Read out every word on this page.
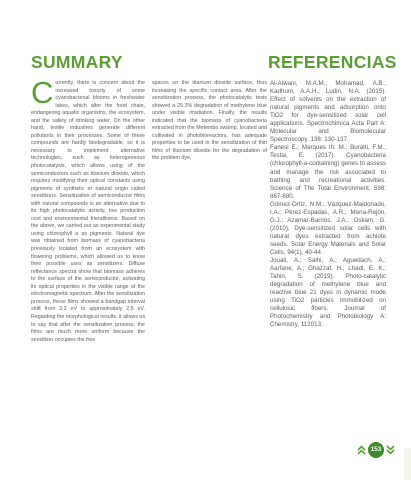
SUMMARY	REFERENCIAS
Currently, there is concern about the increased toxicity of some cyanobacterial blooms in freshwater lakes, which alter the food chain, endangering aquatic organisms, the ecosystem, and the safety of drinking water. On the other hand, textile industries generate different pollutants in their processes. Some of these compounds are hardly biodegradable, so it is necessary to implement alternative technologies, such as heterogeneous photocatalysis, which allows using of the semiconductors such as titanium dioxide, which requires modifying their optical constants using pigments of synthetic or natural origin called sensitizers. Sensitization of semiconductor films with natural compounds is an alternative due to its high photocatalytic activity, low production cost and environmental friendliness. Based on the above, we carried out an experimental study using chlorophyll a as pigments. Natural dye was obtained from biomass of cyanobacteria previously isolated from an ecosystem with flowering problems, which allowed us to know their possible uses as sensitizers. Diffuse reflectance spectra show that biomass adheres to the surface of the semiconductor, activating its optical properties in the visible range of the electromagnetic spectrum. After the sensitization process, these films showed a bandgap interval shift from 3.2 eV to approximately 2.5 eV. Regarding the morphological results, it allows us to say that after the sensitization process, the films are much more uniform because the sensitizer occupies the free
spaces on the titanium dioxide surface, thus increasing the specific contact area. After the sensitization process, the photocatalytic tests showed a 25.3% degradation of methylene blue under visible irradiation. Finally, the results indicated that the biomass of cyanobacteria extracted from the Metembo swamp, located and cultivated in photobioreactors, has adequate properties to be used in the sensitization of thin films of titanium dioxide for the degradation of the problem dye.

Al-Alwani, M.A.M.; Mohamad, A.B.; Kadhum, A.A.H.; Ludin, N.A. (2015). Effect of solvents on the extraction of natural pigments and adsorption onto TiO2 for dye-sensitized solar cell applications. Spectrochimica Acta Part A: Molecular and Biomolecular Spectroscopy, 138: 130-137.

Fanesi E.; Marques Ih. M.; Buratti, F.M.; Testai, E. (2017). Cyanobacteria (chlorophyll-a-containing) genes to assess and manage the risk associated to bathing and recreational activities. Science of The Total Environment, 598: 867-880.

Gómez-Ortiz, N.M.; Vázquez-Maldonado, I.A.; Pérez-Espadas, A.R.; Mena-Rejón, G.J.; Azamar-Barrios, J.A.; Oskam, G. (2010). Dye-sensitized solar cells with natural dyes extracted from achiote seeds. Solar Energy Materials and Solar Cells, 94(1), 40-44.

Jouali, A.; Salhi, A.; Aguedach, A.; Aarfane, A.; Ghazzaf, H.; Lhadi, E. K.; Tahiri, S. (2019). Photo-catalytic degradation of methylene blue and reactive blue 21 dyes in dynamic mode using TiO2 particles immobilized on cellulosic fibers. Journal of Photochemistry and Photobiology A: Chemistry, 112013.

153
